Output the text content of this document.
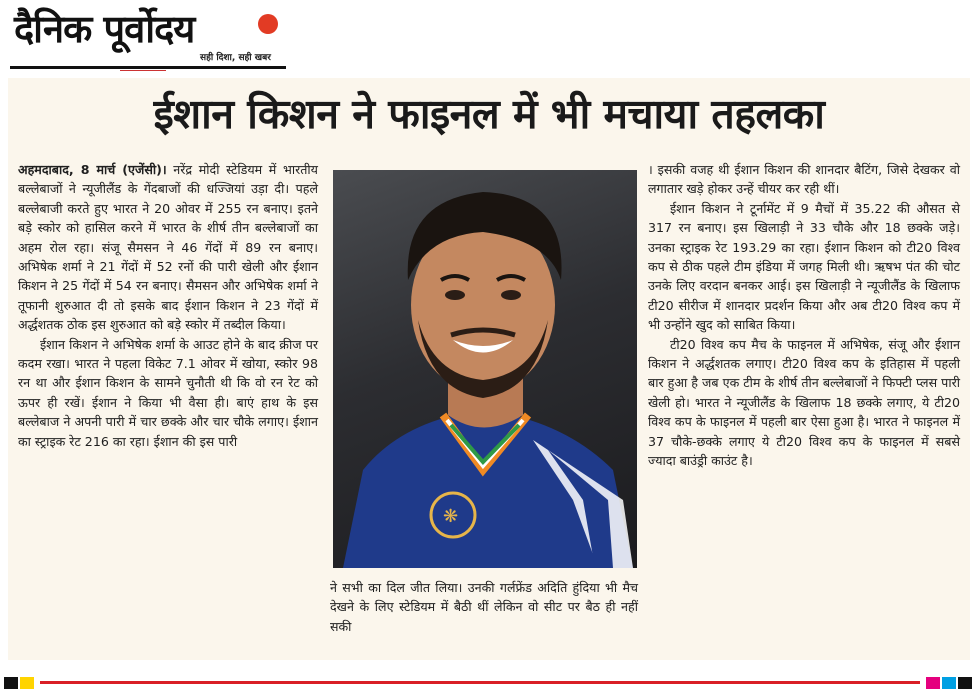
दैनिक पूर्वोदय
सही दिशा, सही खबर
ईशान किशन ने फाइनल में भी मचाया तहलका

अहमदाबाद, 8 मार्च (एजेंसी)। नरेंद्र मोदी स्टेडियम में भारतीय बल्लेबाजों ने न्यूजीलैंड के गेंदबाजों की धज्जियां उड़ा दी। पहले बल्लेबाजी करते हुए भारत ने 20 ओवर में 255 रन बनाए। इतने बड़े स्कोर को हासिल करने में भारत के शीर्ष तीन बल्लेबाजों का अहम रोल रहा। संजू सैमसन ने 46 गेंदों में 89 रन बनाए। अभिषेक शर्मा ने 21 गेंदों में 52 रनों की पारी खेली और ईशान किशन ने 25 गेंदों में 54 रन बनाए। सैमसन और अभिषेक शर्मा ने तूफानी शुरुआत दी तो इसके बाद ईशान किशन ने 23 गेंदों में अर्द्धशतक ठोक इस शुरुआत को बड़े स्कोर में तब्दील किया।

ईशान किशन ने अभिषेक शर्मा के आउट होने के बाद क्रीज पर कदम रखा। भारत ने पहला विकेट 7.1 ओवर में खोया, स्कोर 98 रन था और ईशान किशन के सामने चुनौती थी कि वो रन रेट को ऊपर ही रखें। ईशान ने किया भी वैसा ही। बाएं हाथ के इस बल्लेबाज ने अपनी पारी में चार छक्के और चार चौके लगाए। ईशान का स्ट्राइक रेट 216 का रहा। ईशान की इस पारी

❋

ने सभी का दिल जीत लिया। उनकी गर्लफ्रेंड अदिति हुंदिया भी मैच देखने के लिए स्टेडियम में बैठी थीं लेकिन वो सीट पर बैठ ही नहीं सकी

। इसकी वजह थी ईशान किशन की शानदार बैटिंग, जिसे देखकर वो लगातार खड़े होकर उन्हें चीयर कर रही थीं।

ईशान किशन ने टूर्नामेंट में 9 मैचों में 35.22 की औसत से 317 रन बनाए। इस खिलाड़ी ने 33 चौके और 18 छक्के जड़े। उनका स्ट्राइक रेट 193.29 का रहा। ईशान किशन को टी20 विश्व कप से ठीक पहले टीम इंडिया में जगह मिली थी। ऋषभ पंत की चोट उनके लिए वरदान बनकर आई। इस खिलाड़ी ने न्यूजीलैंड के खिलाफ टी20 सीरीज में शानदार प्रदर्शन किया और अब टी20 विश्व कप में भी उन्होंने खुद को साबित किया।

टी20 विश्व कप मैच के फाइनल में अभिषेक, संजू और ईशान किशन ने अर्द्धशतक लगाए। टी20 विश्व कप के इतिहास में पहली बार हुआ है जब एक टीम के शीर्ष तीन बल्लेबाजों ने फिफ्टी प्लस पारी खेली हो। भारत ने न्यूजीलैंड के खिलाफ 18 छक्के लगाए, ये टी20 विश्व कप के फाइनल में पहली बार ऐसा हुआ है। भारत ने फाइनल में 37 चौके-छक्के लगाए ये टी20 विश्व कप के फाइनल में सबसे ज्यादा बाउंड्री काउंट है।
